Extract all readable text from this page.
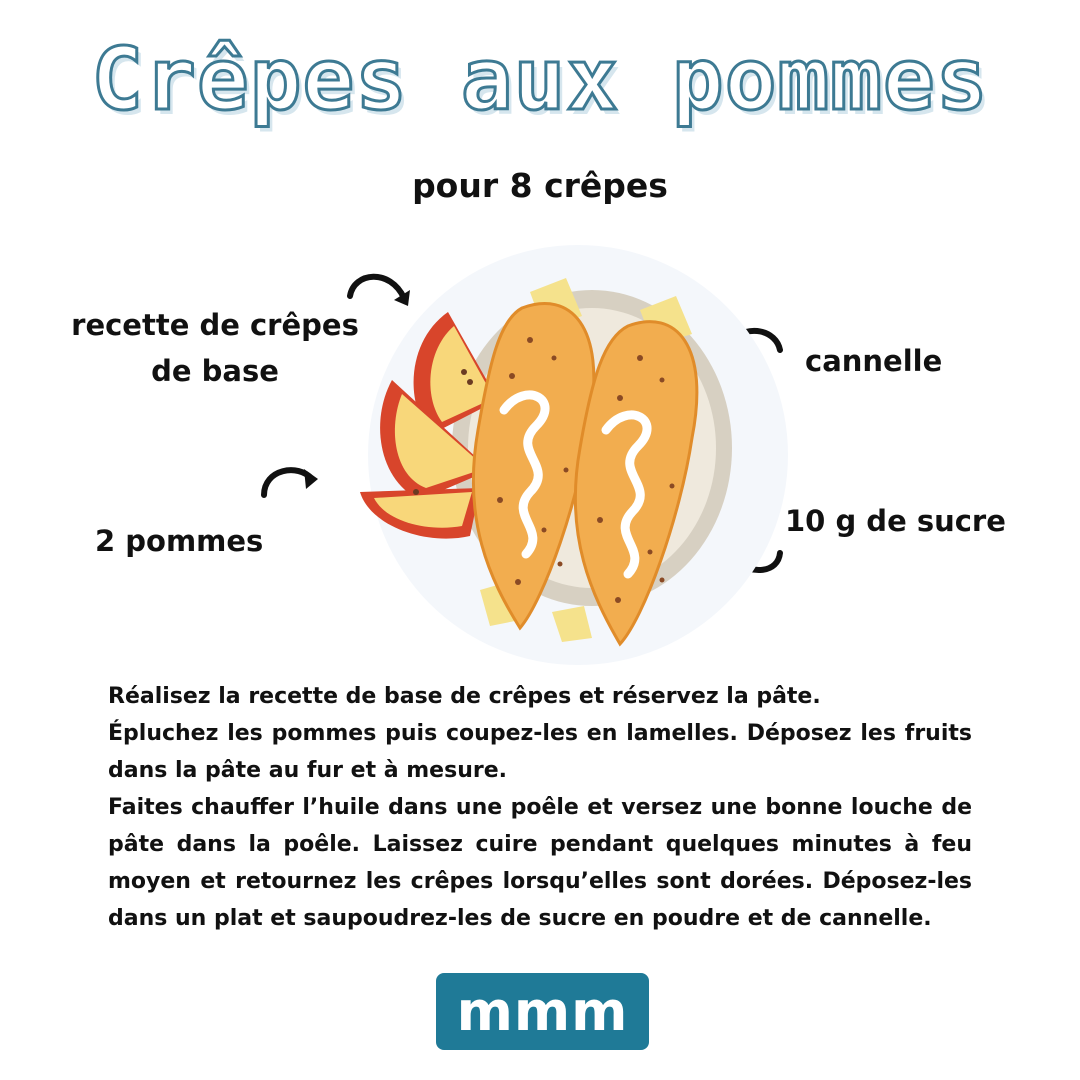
Crêpes aux pommes
pour 8 crêpes
recette de crêpes de base
2 pommes
cannelle
10 g de sucre

Réalisez la recette de base de crêpes et réservez la pâte.

Épluchez les pommes puis coupez-les en lamelles. Déposez les fruits dans la pâte au fur et à mesure.

Faites chauffer l’huile dans une poêle et versez une bonne louche de pâte dans la poêle. Laissez cuire pendant quelques minutes à feu moyen et retournez les crêpes lorsqu’elles sont dorées. Déposez-les dans un plat et saupoudrez-les de sucre en poudre et de cannelle.

mmm
